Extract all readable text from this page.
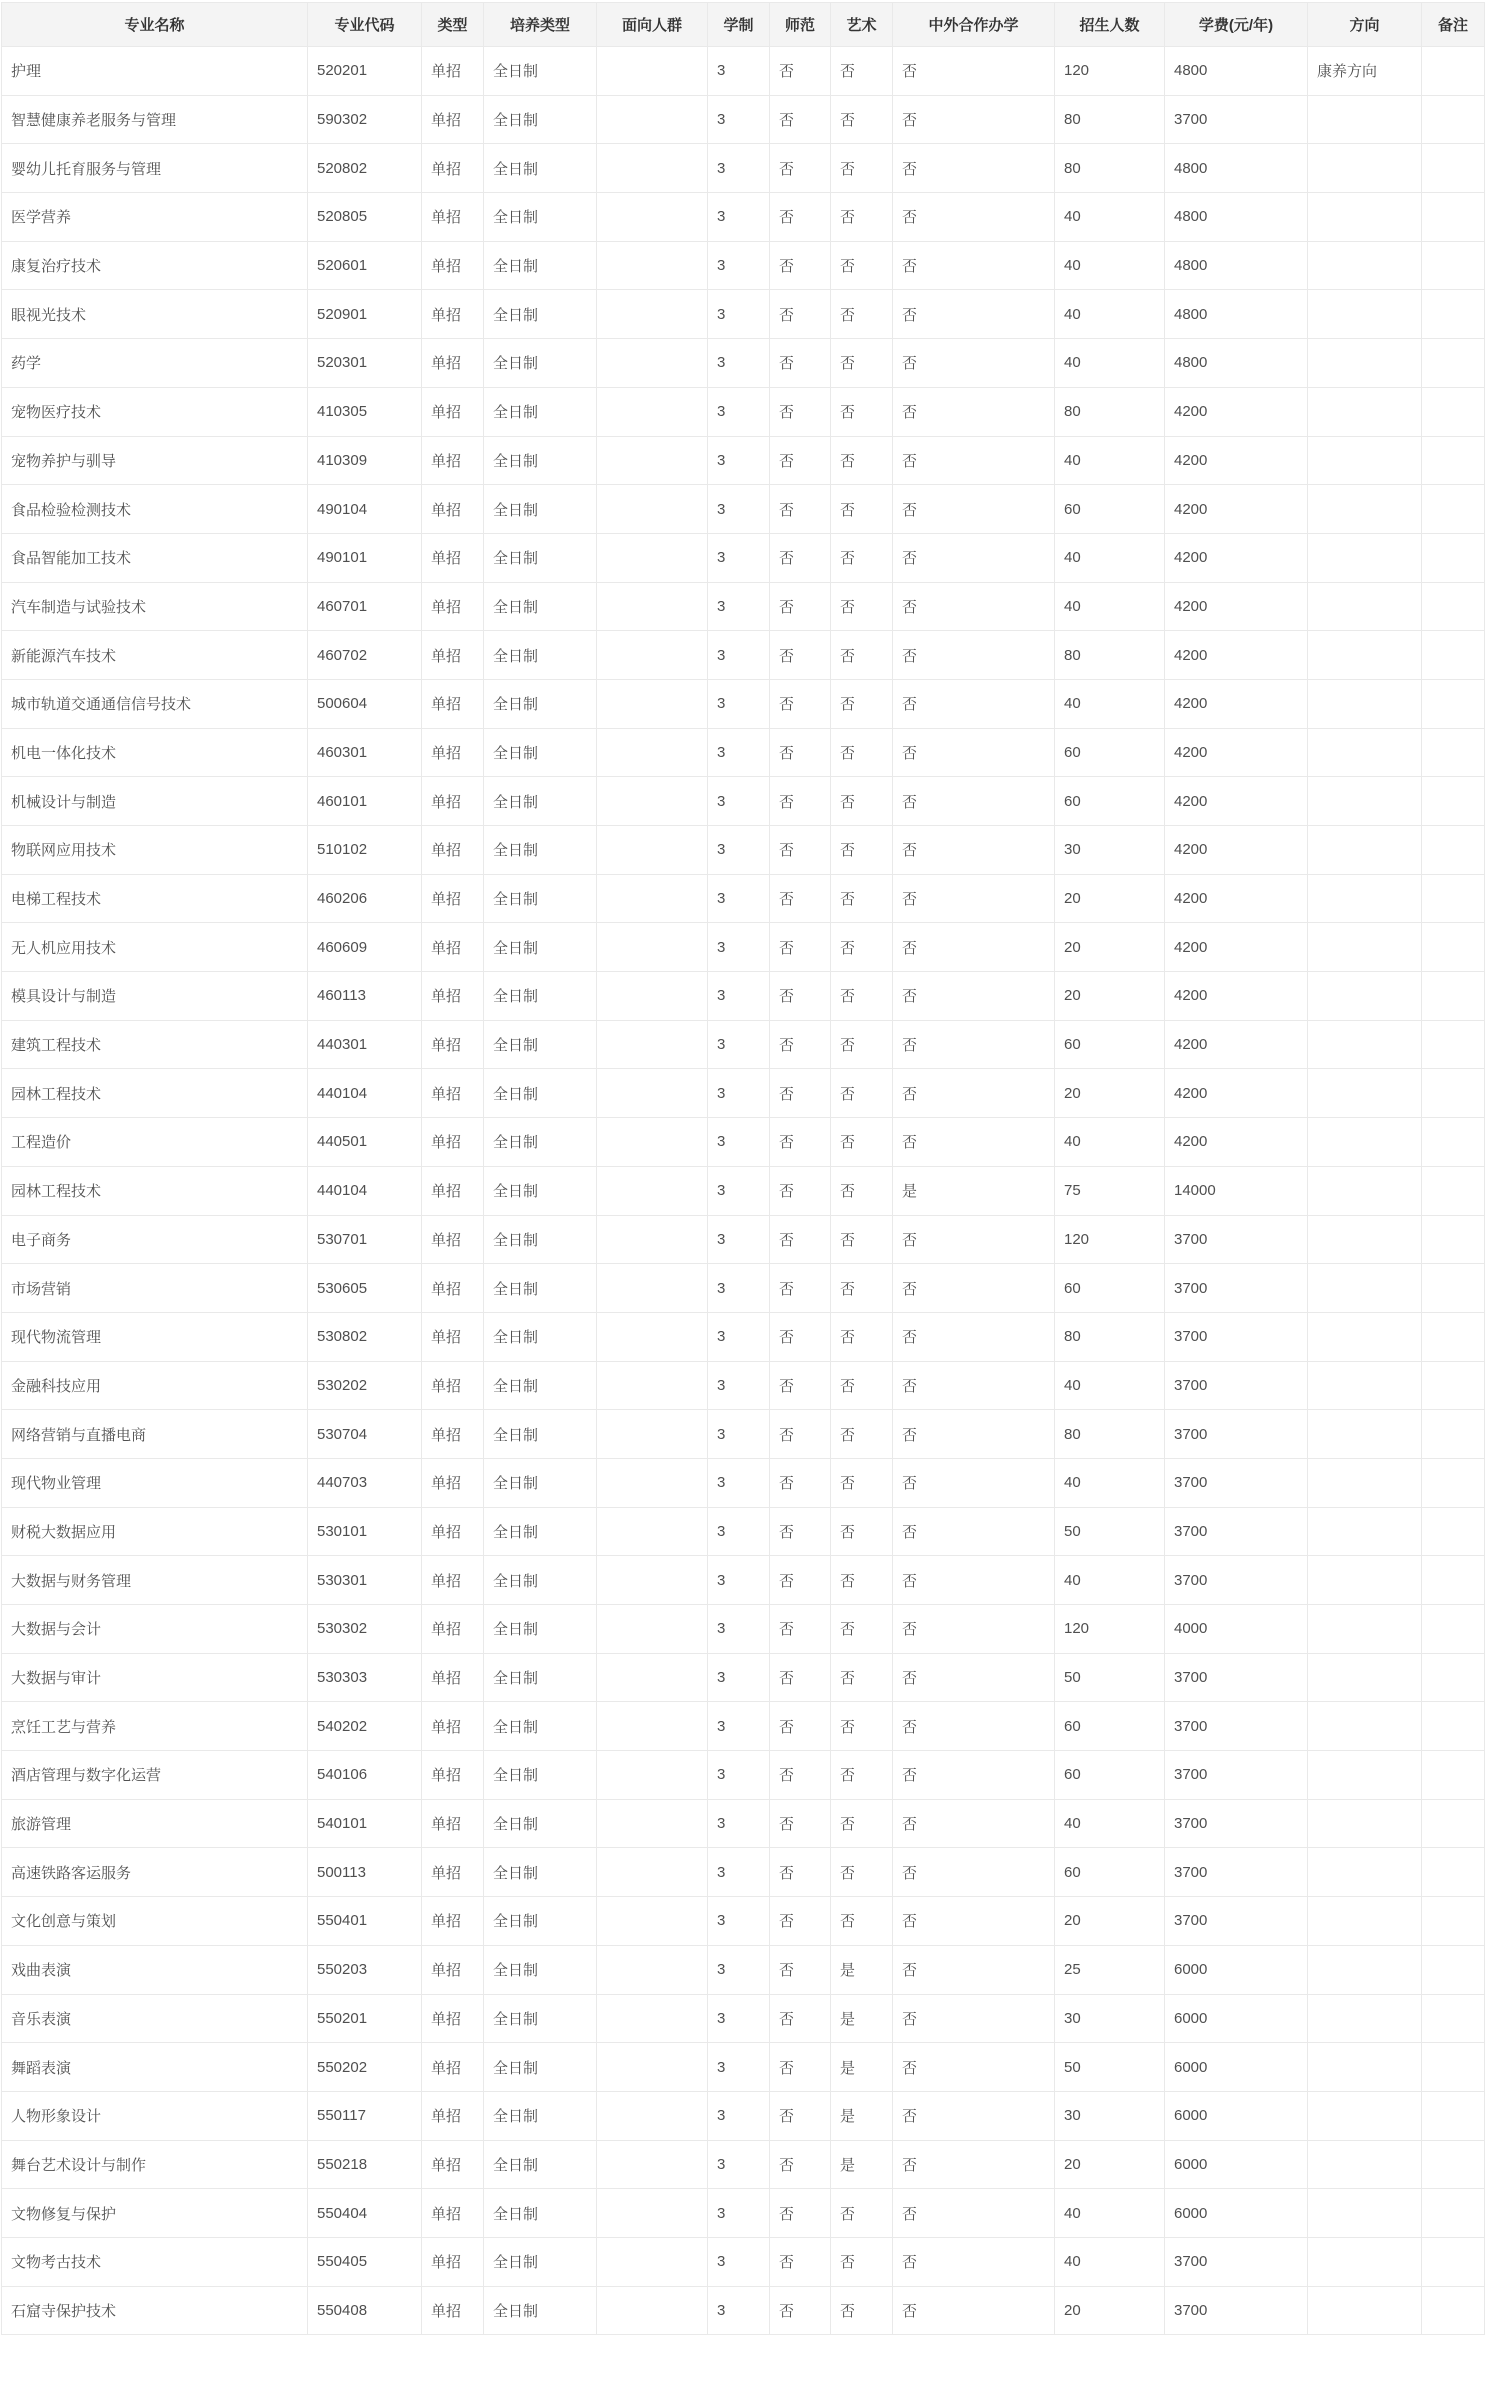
专业名称	专业代码	类型	培养类型	面向人群	学制	师范	艺术	中外合作办学	招生人数	学费(元/年)	方向	备注
护理	520201	单招	全日制		3	否	否	否	120	4800	康养方向	
智慧健康养老服务与管理	590302	单招	全日制		3	否	否	否	80	3700		
婴幼儿托育服务与管理	520802	单招	全日制		3	否	否	否	80	4800		
医学营养	520805	单招	全日制		3	否	否	否	40	4800		
康复治疗技术	520601	单招	全日制		3	否	否	否	40	4800		
眼视光技术	520901	单招	全日制		3	否	否	否	40	4800		
药学	520301	单招	全日制		3	否	否	否	40	4800		
宠物医疗技术	410305	单招	全日制		3	否	否	否	80	4200		
宠物养护与驯导	410309	单招	全日制		3	否	否	否	40	4200		
食品检验检测技术	490104	单招	全日制		3	否	否	否	60	4200		
食品智能加工技术	490101	单招	全日制		3	否	否	否	40	4200		
汽车制造与试验技术	460701	单招	全日制		3	否	否	否	40	4200		
新能源汽车技术	460702	单招	全日制		3	否	否	否	80	4200		
城市轨道交通通信信号技术	500604	单招	全日制		3	否	否	否	40	4200		
机电一体化技术	460301	单招	全日制		3	否	否	否	60	4200		
机械设计与制造	460101	单招	全日制		3	否	否	否	60	4200		
物联网应用技术	510102	单招	全日制		3	否	否	否	30	4200		
电梯工程技术	460206	单招	全日制		3	否	否	否	20	4200		
无人机应用技术	460609	单招	全日制		3	否	否	否	20	4200		
模具设计与制造	460113	单招	全日制		3	否	否	否	20	4200		
建筑工程技术	440301	单招	全日制		3	否	否	否	60	4200		
园林工程技术	440104	单招	全日制		3	否	否	否	20	4200		
工程造价	440501	单招	全日制		3	否	否	否	40	4200		
园林工程技术	440104	单招	全日制		3	否	否	是	75	14000		
电子商务	530701	单招	全日制		3	否	否	否	120	3700		
市场营销	530605	单招	全日制		3	否	否	否	60	3700		
现代物流管理	530802	单招	全日制		3	否	否	否	80	3700		
金融科技应用	530202	单招	全日制		3	否	否	否	40	3700		
网络营销与直播电商	530704	单招	全日制		3	否	否	否	80	3700		
现代物业管理	440703	单招	全日制		3	否	否	否	40	3700		
财税大数据应用	530101	单招	全日制		3	否	否	否	50	3700		
大数据与财务管理	530301	单招	全日制		3	否	否	否	40	3700		
大数据与会计	530302	单招	全日制		3	否	否	否	120	4000		
大数据与审计	530303	单招	全日制		3	否	否	否	50	3700		
烹饪工艺与营养	540202	单招	全日制		3	否	否	否	60	3700		
酒店管理与数字化运营	540106	单招	全日制		3	否	否	否	60	3700		
旅游管理	540101	单招	全日制		3	否	否	否	40	3700		
高速铁路客运服务	500113	单招	全日制		3	否	否	否	60	3700		
文化创意与策划	550401	单招	全日制		3	否	否	否	20	3700		
戏曲表演	550203	单招	全日制		3	否	是	否	25	6000		
音乐表演	550201	单招	全日制		3	否	是	否	30	6000		
舞蹈表演	550202	单招	全日制		3	否	是	否	50	6000		
人物形象设计	550117	单招	全日制		3	否	是	否	30	6000		
舞台艺术设计与制作	550218	单招	全日制		3	否	是	否	20	6000		
文物修复与保护	550404	单招	全日制		3	否	否	否	40	6000		
文物考古技术	550405	单招	全日制		3	否	否	否	40	3700		
石窟寺保护技术	550408	单招	全日制		3	否	否	否	20	3700		
